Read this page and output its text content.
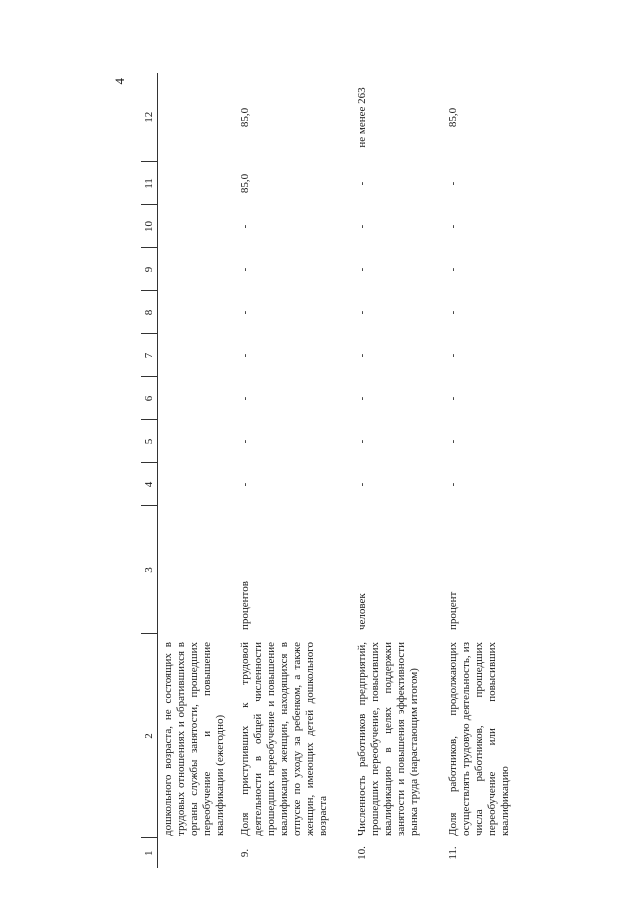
4
1	2	3	4	5	6	7	8	9	10	11	12
	дошкольного возраста, не состоящих в трудовых отношениях и обратившихся в органы службы занятости, прошедших переобучение и повышение квалификации (ежегодно)										
9.	Доля приступивших к трудовой деятельности в общей численности прошедших переобучение и повышение квалификации женщин, находящихся в отпуске по уходу за ребенком, а также женщин, имеющих детей дошкольного возраста	процентов	-	-	-	-	-	-	-	85,0	85,0
10.	Численность работников предприятий, прошедших переобучение, повысивших квалификацию в целях поддержки занятости и повышения эффективности рынка труда (нарастающим итогом)	человек	-	-	-	-	-	-	-	-	не менее 263
11.	Доля работников, продолжающих осуществлять трудовую деятельность, из числа работников, прошедших переобучение или повысивших квалификацию	процент	-	-	-	-	-	-	-	-	85,0
